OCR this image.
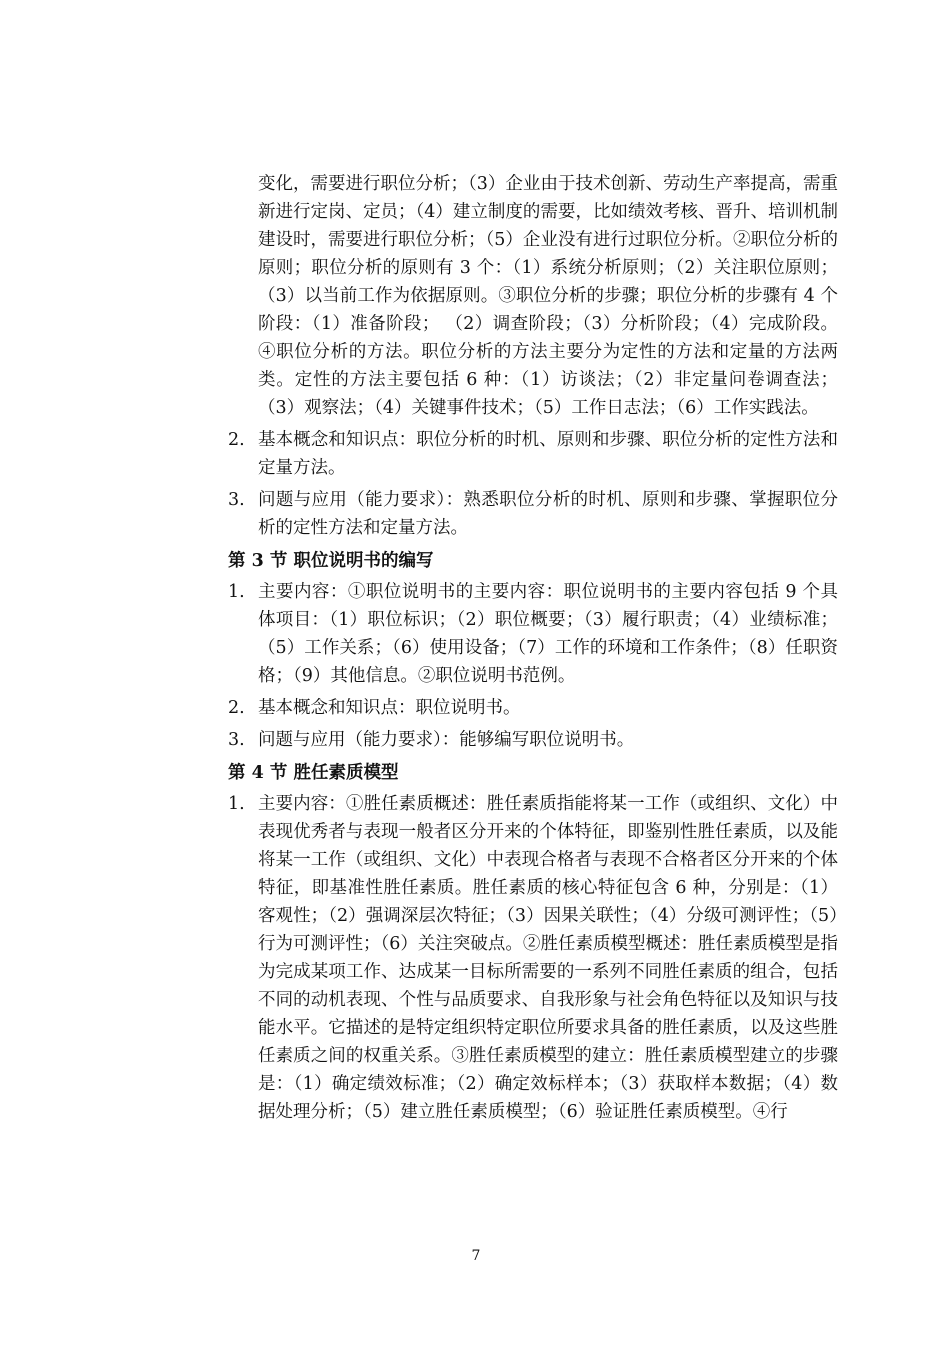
变化，需要进行职位分析；（3）企业由于技术创新、劳动生产率提高，需重新进行定岗、定员；（4）建立制度的需要，比如绩效考核、晋升、培训机制建设时，需要进行职位分析；（5）企业没有进行过职位分析。②职位分析的原则；职位分析的原则有 3 个：（1）系统分析原则；（2）关注职位原则；（3）以当前工作为依据原则。③职位分析的步骤；职位分析的步骤有 4 个阶段：（1）准备阶段； （2）调查阶段；（3）分析阶段；（4）完成阶段。④职位分析的方法。职位分析的方法主要分为定性的方法和定量的方法两类。定性的方法主要包括 6 种：（1）访谈法；（2）非定量问卷调查法；（3）观察法；（4）关键事件技术；（5）工作日志法；（6）工作实践法。

2. 基本概念和知识点：职位分析的时机、原则和步骤、职位分析的定性方法和定量方法。
3. 问题与应用（能力要求）：熟悉职位分析的时机、原则和步骤、掌握职位分析的定性方法和定量方法。
第 3 节 职位说明书的编写
1. 主要内容：①职位说明书的主要内容：职位说明书的主要内容包括 9 个具体项目：（1）职位标识；（2）职位概要；（3）履行职责；（4）业绩标准；（5）工作关系；（6）使用设备；（7）工作的环境和工作条件；（8）任职资格；（9）其他信息。②职位说明书范例。
2. 基本概念和知识点：职位说明书。
3. 问题与应用（能力要求）：能够编写职位说明书。
第 4 节 胜任素质模型
1. 主要内容：①胜任素质概述：胜任素质指能将某一工作（或组织、文化）中表现优秀者与表现一般者区分开来的个体特征，即鉴别性胜任素质，以及能将某一工作（或组织、文化）中表现合格者与表现不合格者区分开来的个体特征，即基准性胜任素质。胜任素质的核心特征包含 6 种，分别是：（1）客观性；（2）强调深层次特征；（3）因果关联性；（4）分级可测评性；（5）行为可测评性；（6）关注突破点。②胜任素质模型概述：胜任素质模型是指为完成某项工作、达成某一目标所需要的一系列不同胜任素质的组合，包括不同的动机表现、个性与品质要求、自我形象与社会角色特征以及知识与技能水平。它描述的是特定组织特定职位所要求具备的胜任素质，以及这些胜任素质之间的权重关系。③胜任素质模型的建立：胜任素质模型建立的步骤是：（1）确定绩效标准；（2）确定效标样本；（3）获取样本数据；（4）数据处理分析；（5）建立胜任素质模型；（6）验证胜任素质模型。④行
7
